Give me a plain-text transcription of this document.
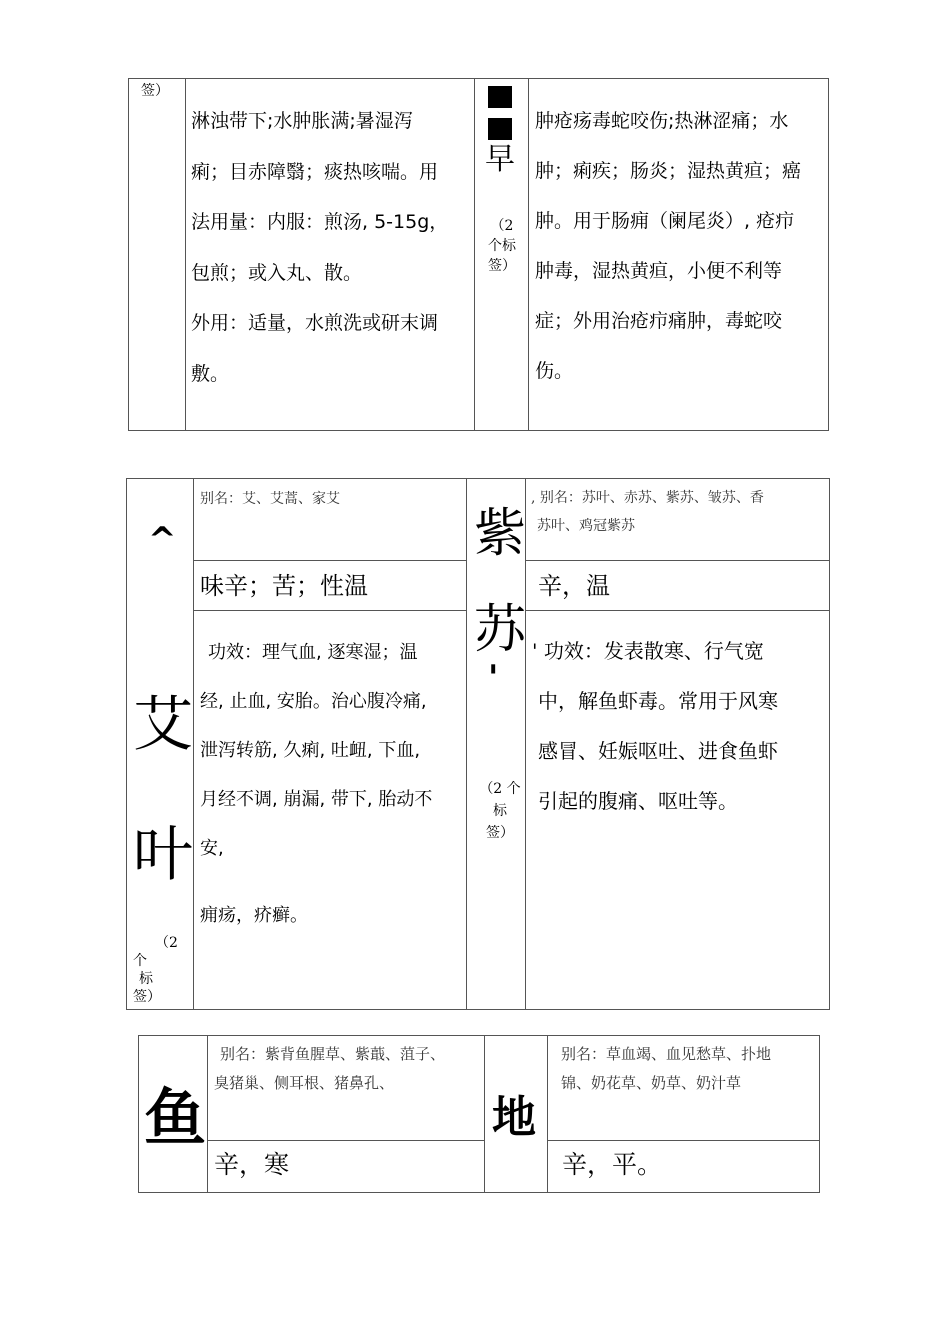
签）
淋浊带下;水肿胀满;暑湿泻
痢；目赤障翳；痰热咳喘。用
法用量：内服：煎汤, 5-15g，
包煎；或入丸、散。
外用：适量，水煎洗或研末调
敷。
早
（2
个标
签）
肿疮疡毒蛇咬伤;热淋涩痛；水
肿；痢疾；肠炎；湿热黄疸；癌
肿。用于肠痈（阑尾炎）, 疮疖
肿毒，湿热黄疸，小便不利等
症；外用治疮疖痛肿，毒蛇咬
伤。
^
艾
叶
（2
个
标
签）
别名：艾、艾蒿、家艾
味辛；苦；性温
功效：理气血, 逐寒湿；温
经, 止血, 安胎。治心腹冷痛,
泄泻转筋, 久痢, 吐衄, 下血,
月经不调, 崩漏, 带下, 胎动不
安,
痈疡，疥癣。
紫
苏
'
（2 个
标
签）
, 别名：苏叶、赤苏、紫苏、皱苏、香
苏叶、鸡冠紫苏
辛，温
' 功效：发表散寒、行气宽
中，解鱼虾毒。常用于风寒
感冒、妊娠呕吐、进食鱼虾
引起的腹痛、呕吐等。
鱼
别名：紫背鱼腥草、紫蕺、菹子、
臭猪巢、侧耳根、猪鼻孔、
辛，寒
地
别名：草血竭、血见愁草、扑地
锦、奶花草、奶草、奶汁草
辛，平。
